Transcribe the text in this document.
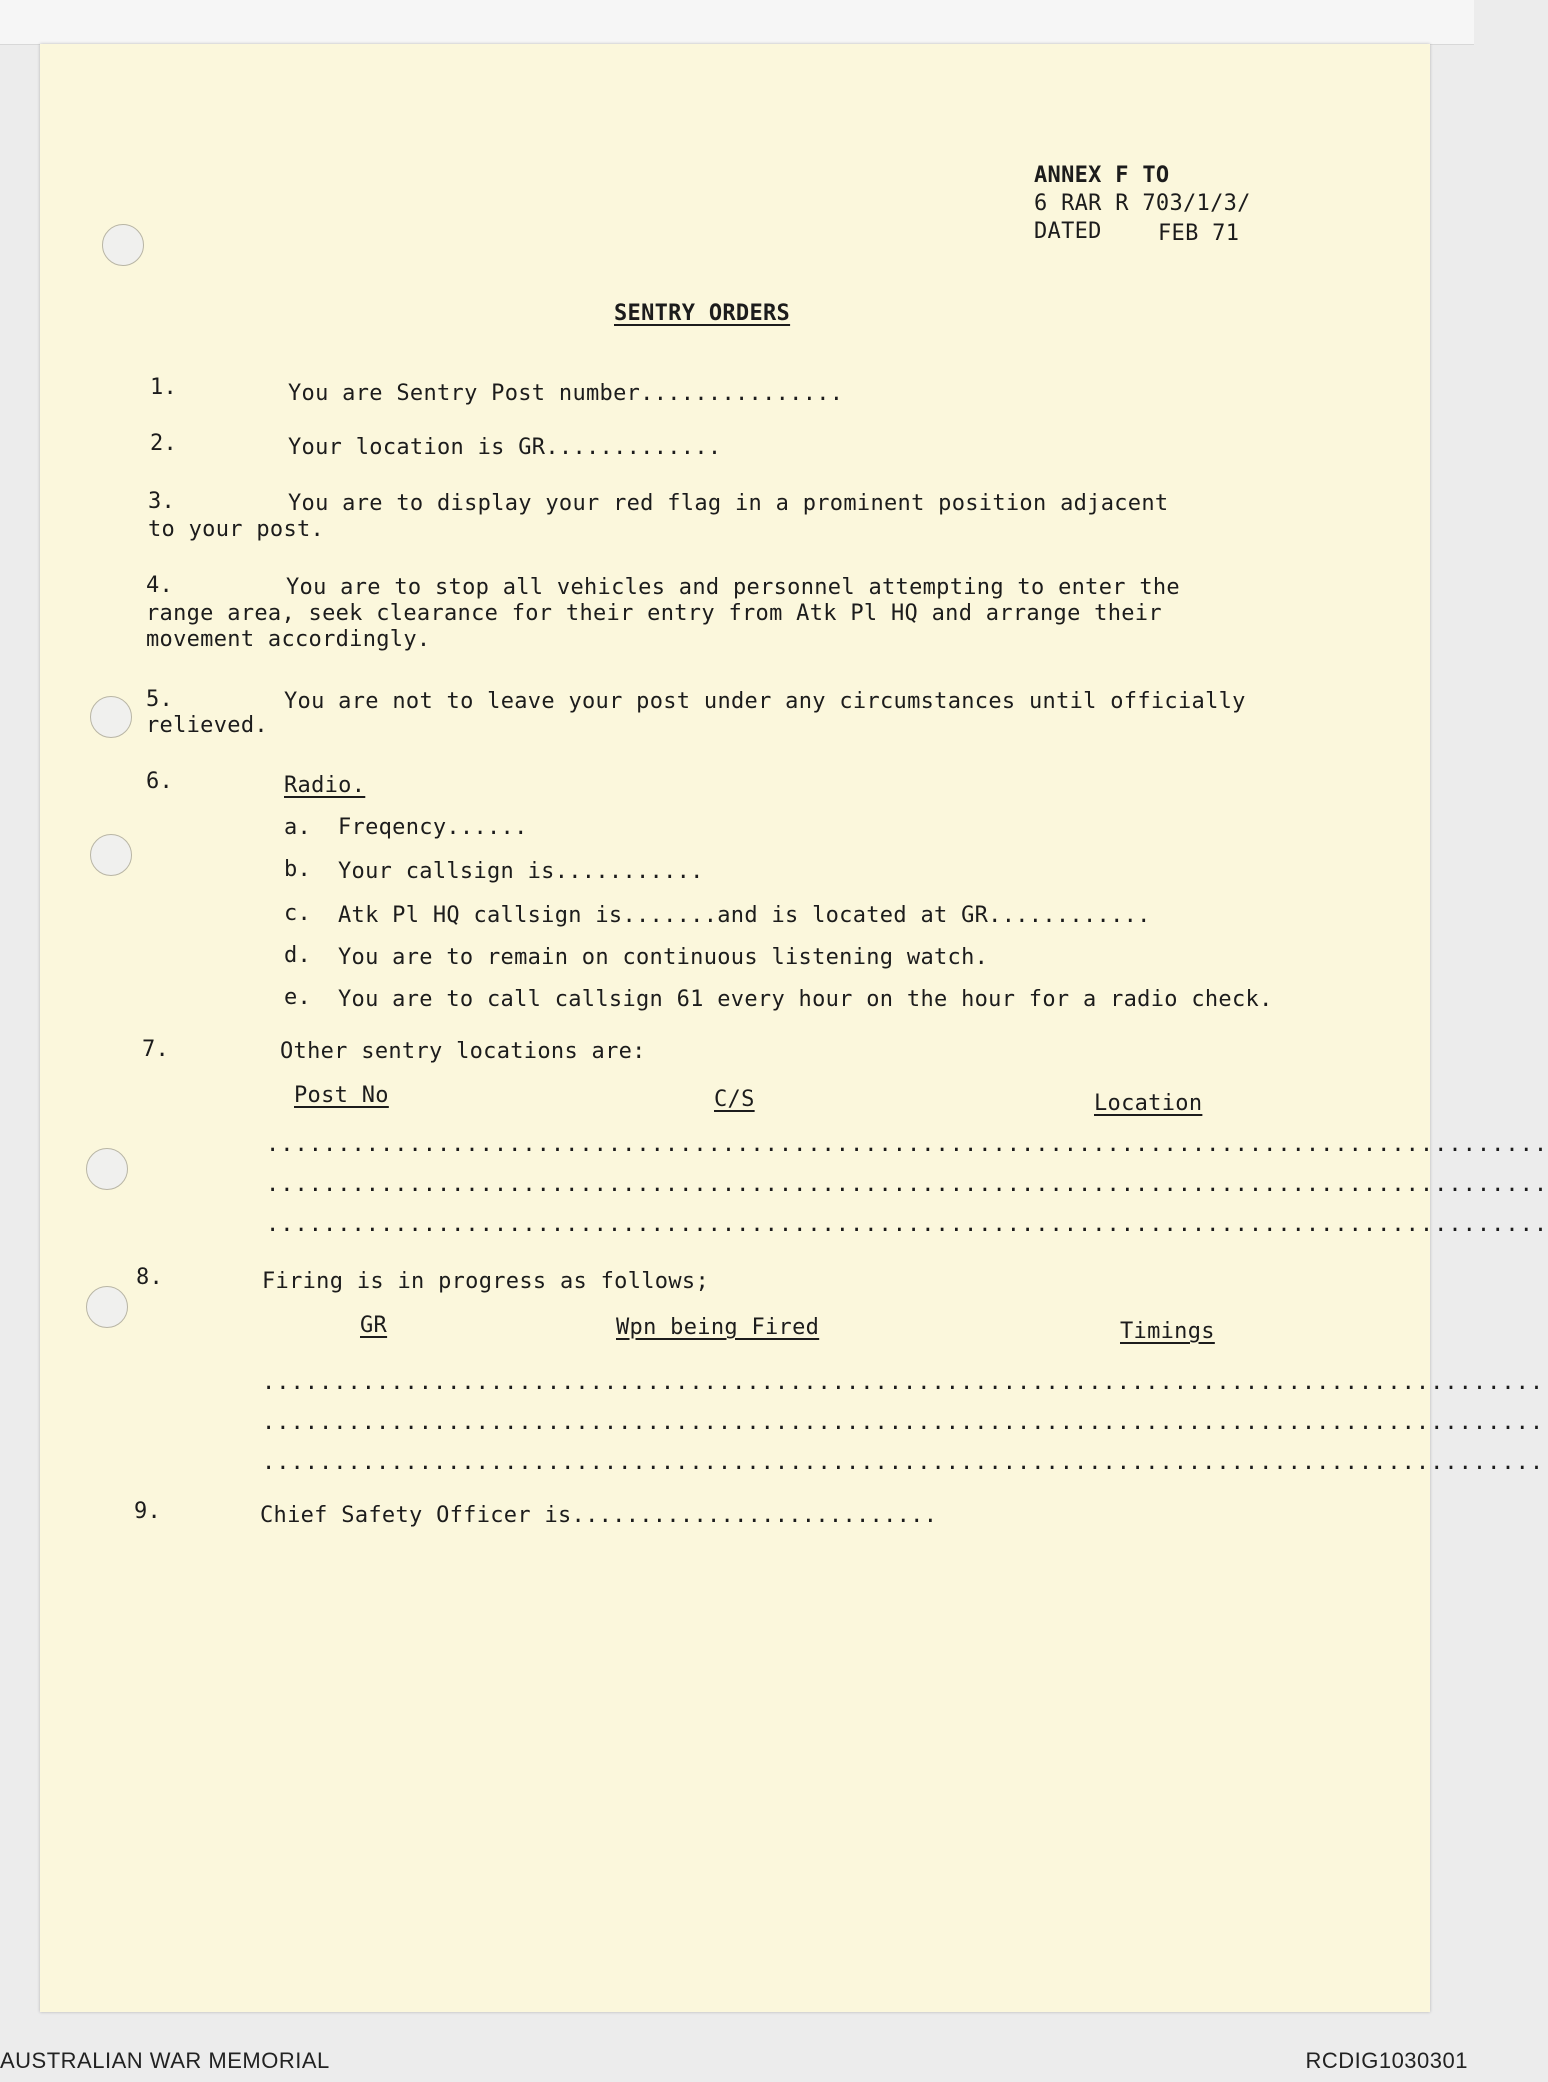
ANNEX F TO
6 RAR R 703/1/3/
DATED	FEB 71
SENTRY ORDERS
1.	You are Sentry Post number...............
2.	Your location is GR.............
3.	You are to display your red flag in a prominent position adjacent
to your post.
4.	You are to stop all vehicles and personnel attempting to enter the
range area, seek clearance for their entry from Atk Pl HQ and arrange their
movement accordingly.
5.	You are not to leave your post under any circumstances until officially
relieved.
6.	Radio.
a. Freqency......
b. Your callsign is...........
c. Atk Pl HQ callsign is.......and is located at GR............
d. You are to remain on continuous listening watch.
e. You are to call callsign 61 every hour on the hour for a radio check.
7.	Other sentry locations are:
Post No	C/S	Location
..........................................................................................
..........................................................................................
..........................................................................................
8.	Firing is in progress as follows;
GR	Wpn being Fired	Timings
..........................................................................................
..........................................................................................
..........................................................................................
9.	Chief Safety Officer is...........................
AUSTRALIAN WAR MEMORIAL	RCDIG1030301
